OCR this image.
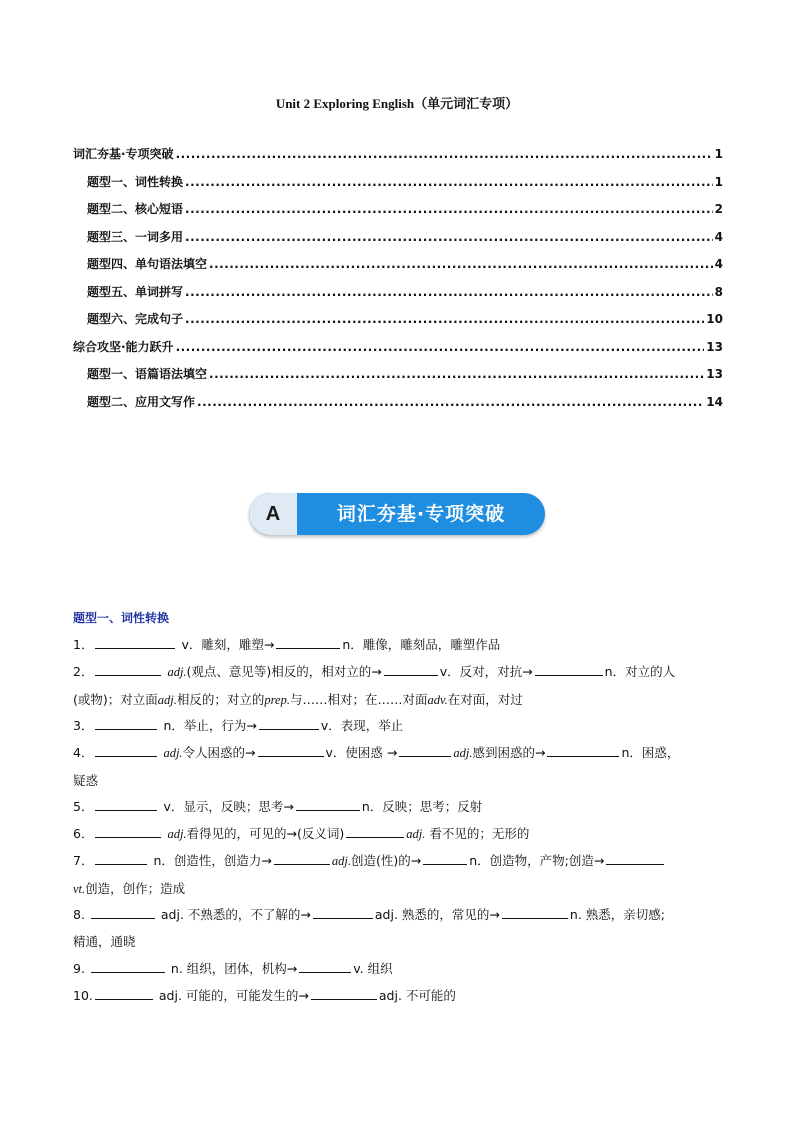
Unit 2 Exploring English（单元词汇专项）
词汇夯基·专项突破 .....	1
题型一、词性转换 .....	1
题型二、核心短语 .....	2
题型三、一词多用 .....	4
题型四、单句语法填空 .....	4
题型五、单词拼写 .....	8
题型六、完成句子 .....	10
综合攻坚·能力跃升 .....	13
题型一、语篇语法填空 .....	13
题型二、应用文写作 .....	14
A	词汇夯基·专项突破
题型一、词性转换
1．	v．雕刻，雕塑→	n．雕像，雕刻品，雕塑作品
2．	adj.(观点、意见等)相反的，相对立的→	v．反对，对抗→	n．对立的人
(或物)；对立面adj.相反的；对立的prep.与……相对；在……对面adv.在对面，对过
3．	n．举止，行为→	v．表现，举止
4．	adj.令人困惑的→	v．使困惑 →	adj.感到困惑的→	n．困惑，
疑惑
5．	v．显示，反映；思考→	n．反映；思考；反射
6．	adj.看得见的，可见的→(反义词)	adj. 看不见的；无形的
7．	n．创造性，创造力→	adj.创造(性)的→	n．创造物，产物;创造→
vt.创造，创作；造成
8.	adj. 不熟悉的，不了解的→	adj. 熟悉的，常见的→	n. 熟悉，亲切感;
精通，通晓
9.	n. 组织，团体，机构→	v. 组织
10.	adj. 可能的，可能发生的→	adj. 不可能的
